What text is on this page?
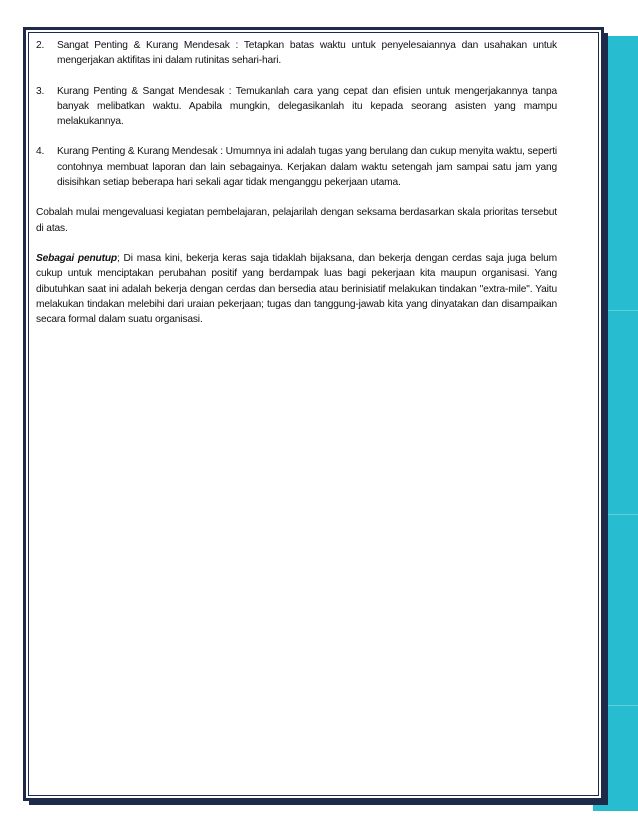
2.	Sangat Penting & Kurang Mendesak : Tetapkan batas waktu untuk penyelesaiannya dan usahakan untuk mengerjakan aktifitas ini dalam rutinitas sehari-hari.
3.	Kurang Penting & Sangat Mendesak : Temukanlah cara yang cepat dan efisien untuk mengerjakannya tanpa banyak melibatkan waktu. Apabila mungkin, delegasikanlah itu kepada seorang asisten yang mampu melakukannya.
4.	Kurang Penting & Kurang Mendesak : Umumnya ini adalah tugas yang berulang dan cukup menyita waktu, seperti contohnya membuat laporan dan lain sebagainya. Kerjakan dalam waktu setengah jam sampai satu jam yang disisihkan setiap beberapa hari sekali agar tidak menganggu pekerjaan utama.

Cobalah mulai mengevaluasi kegiatan pembelajaran, pelajarilah dengan seksama berdasarkan skala prioritas tersebut di atas.

Sebagai penutup; Di masa kini, bekerja keras saja tidaklah bijaksana, dan bekerja dengan cerdas saja juga belum cukup untuk menciptakan perubahan positif yang berdampak luas bagi pekerjaan kita maupun organisasi. Yang dibutuhkan saat ini adalah bekerja dengan cerdas dan bersedia atau berinisiatif melakukan tindakan "extra-mile". Yaitu melakukan tindakan melebihi dari uraian pekerjaan; tugas dan tanggung-jawab kita yang dinyatakan dan disampaikan secara formal dalam suatu organisasi.
